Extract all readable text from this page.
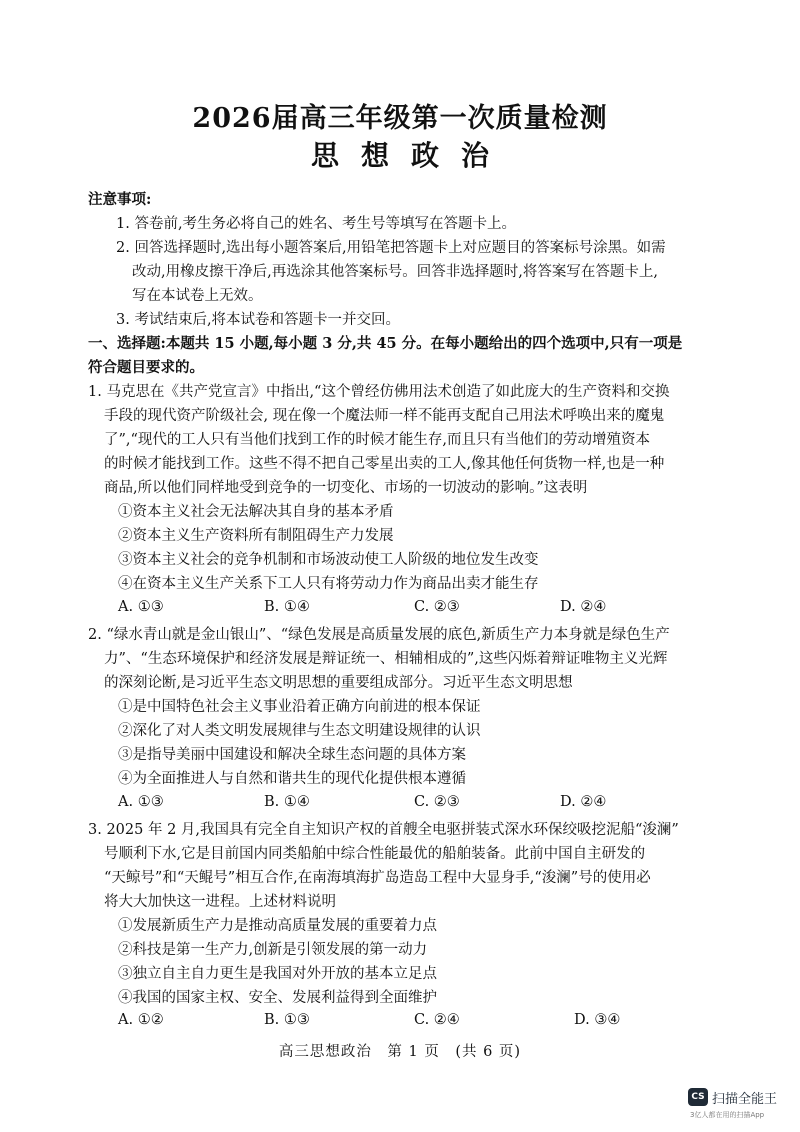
2026届高三年级第一次质量检测
思 想 政 治
注意事项:
1. 答卷前,考生务必将自己的姓名、考生号等填写在答题卡上。
2. 回答选择题时,选出每小题答案后,用铅笔把答题卡上对应题目的答案标号涂黑。如需
改动,用橡皮擦干净后,再选涂其他答案标号。回答非选择题时,将答案写在答题卡上,
写在本试卷上无效。
3. 考试结束后,将本试卷和答题卡一并交回。
一、选择题:本题共 15 小题,每小题 3 分,共 45 分。在每小题给出的四个选项中,只有一项是
符合题目要求的。
1. 马克思在《共产党宣言》中指出,“这个曾经仿佛用法术创造了如此庞大的生产资料和交换
手段的现代资产阶级社会, 现在像一个魔法师一样不能再支配自己用法术呼唤出来的魔鬼
了”,“现代的工人只有当他们找到工作的时候才能生存,而且只有当他们的劳动增殖资本
的时候才能找到工作。这些不得不把自己零星出卖的工人,像其他任何货物一样,也是一种
商品,所以他们同样地受到竞争的一切变化、市场的一切波动的影响。”这表明
①资本主义社会无法解决其自身的基本矛盾
②资本主义生产资料所有制阻碍生产力发展
③资本主义社会的竞争机制和市场波动使工人阶级的地位发生改变
④在资本主义生产关系下工人只有将劳动力作为商品出卖才能生存
A. ①③	B. ①④	C. ②③	D. ②④
2. “绿水青山就是金山银山”、“绿色发展是高质量发展的底色,新质生产力本身就是绿色生产
力”、“生态环境保护和经济发展是辩证统一、相辅相成的”,这些闪烁着辩证唯物主义光辉
的深刻论断,是习近平生态文明思想的重要组成部分。习近平生态文明思想
①是中国特色社会主义事业沿着正确方向前进的根本保证
②深化了对人类文明发展规律与生态文明建设规律的认识
③是指导美丽中国建设和解决全球生态问题的具体方案
④为全面推进人与自然和谐共生的现代化提供根本遵循
A. ①③	B. ①④	C. ②③	D. ②④
3. 2025 年 2 月,我国具有完全自主知识产权的首艘全电驱拼装式深水环保绞吸挖泥船“浚澜”
号顺利下水,它是目前国内同类船舶中综合性能最优的船舶装备。此前中国自主研发的
“天鲸号”和“天鲲号”相互合作,在南海填海扩岛造岛工程中大显身手,“浚澜”号的使用必
将大大加快这一进程。上述材料说明
①发展新质生产力是推动高质量发展的重要着力点
②科技是第一生产力,创新是引领发展的第一动力
③独立自主自力更生是我国对外开放的基本立足点
④我国的国家主权、安全、发展利益得到全面维护
A. ①②	B. ①③	C. ②④	D. ③④
高三思想政治　第 1 页　(共 6 页)
CS 扫描全能王
3亿人都在用的扫描App
